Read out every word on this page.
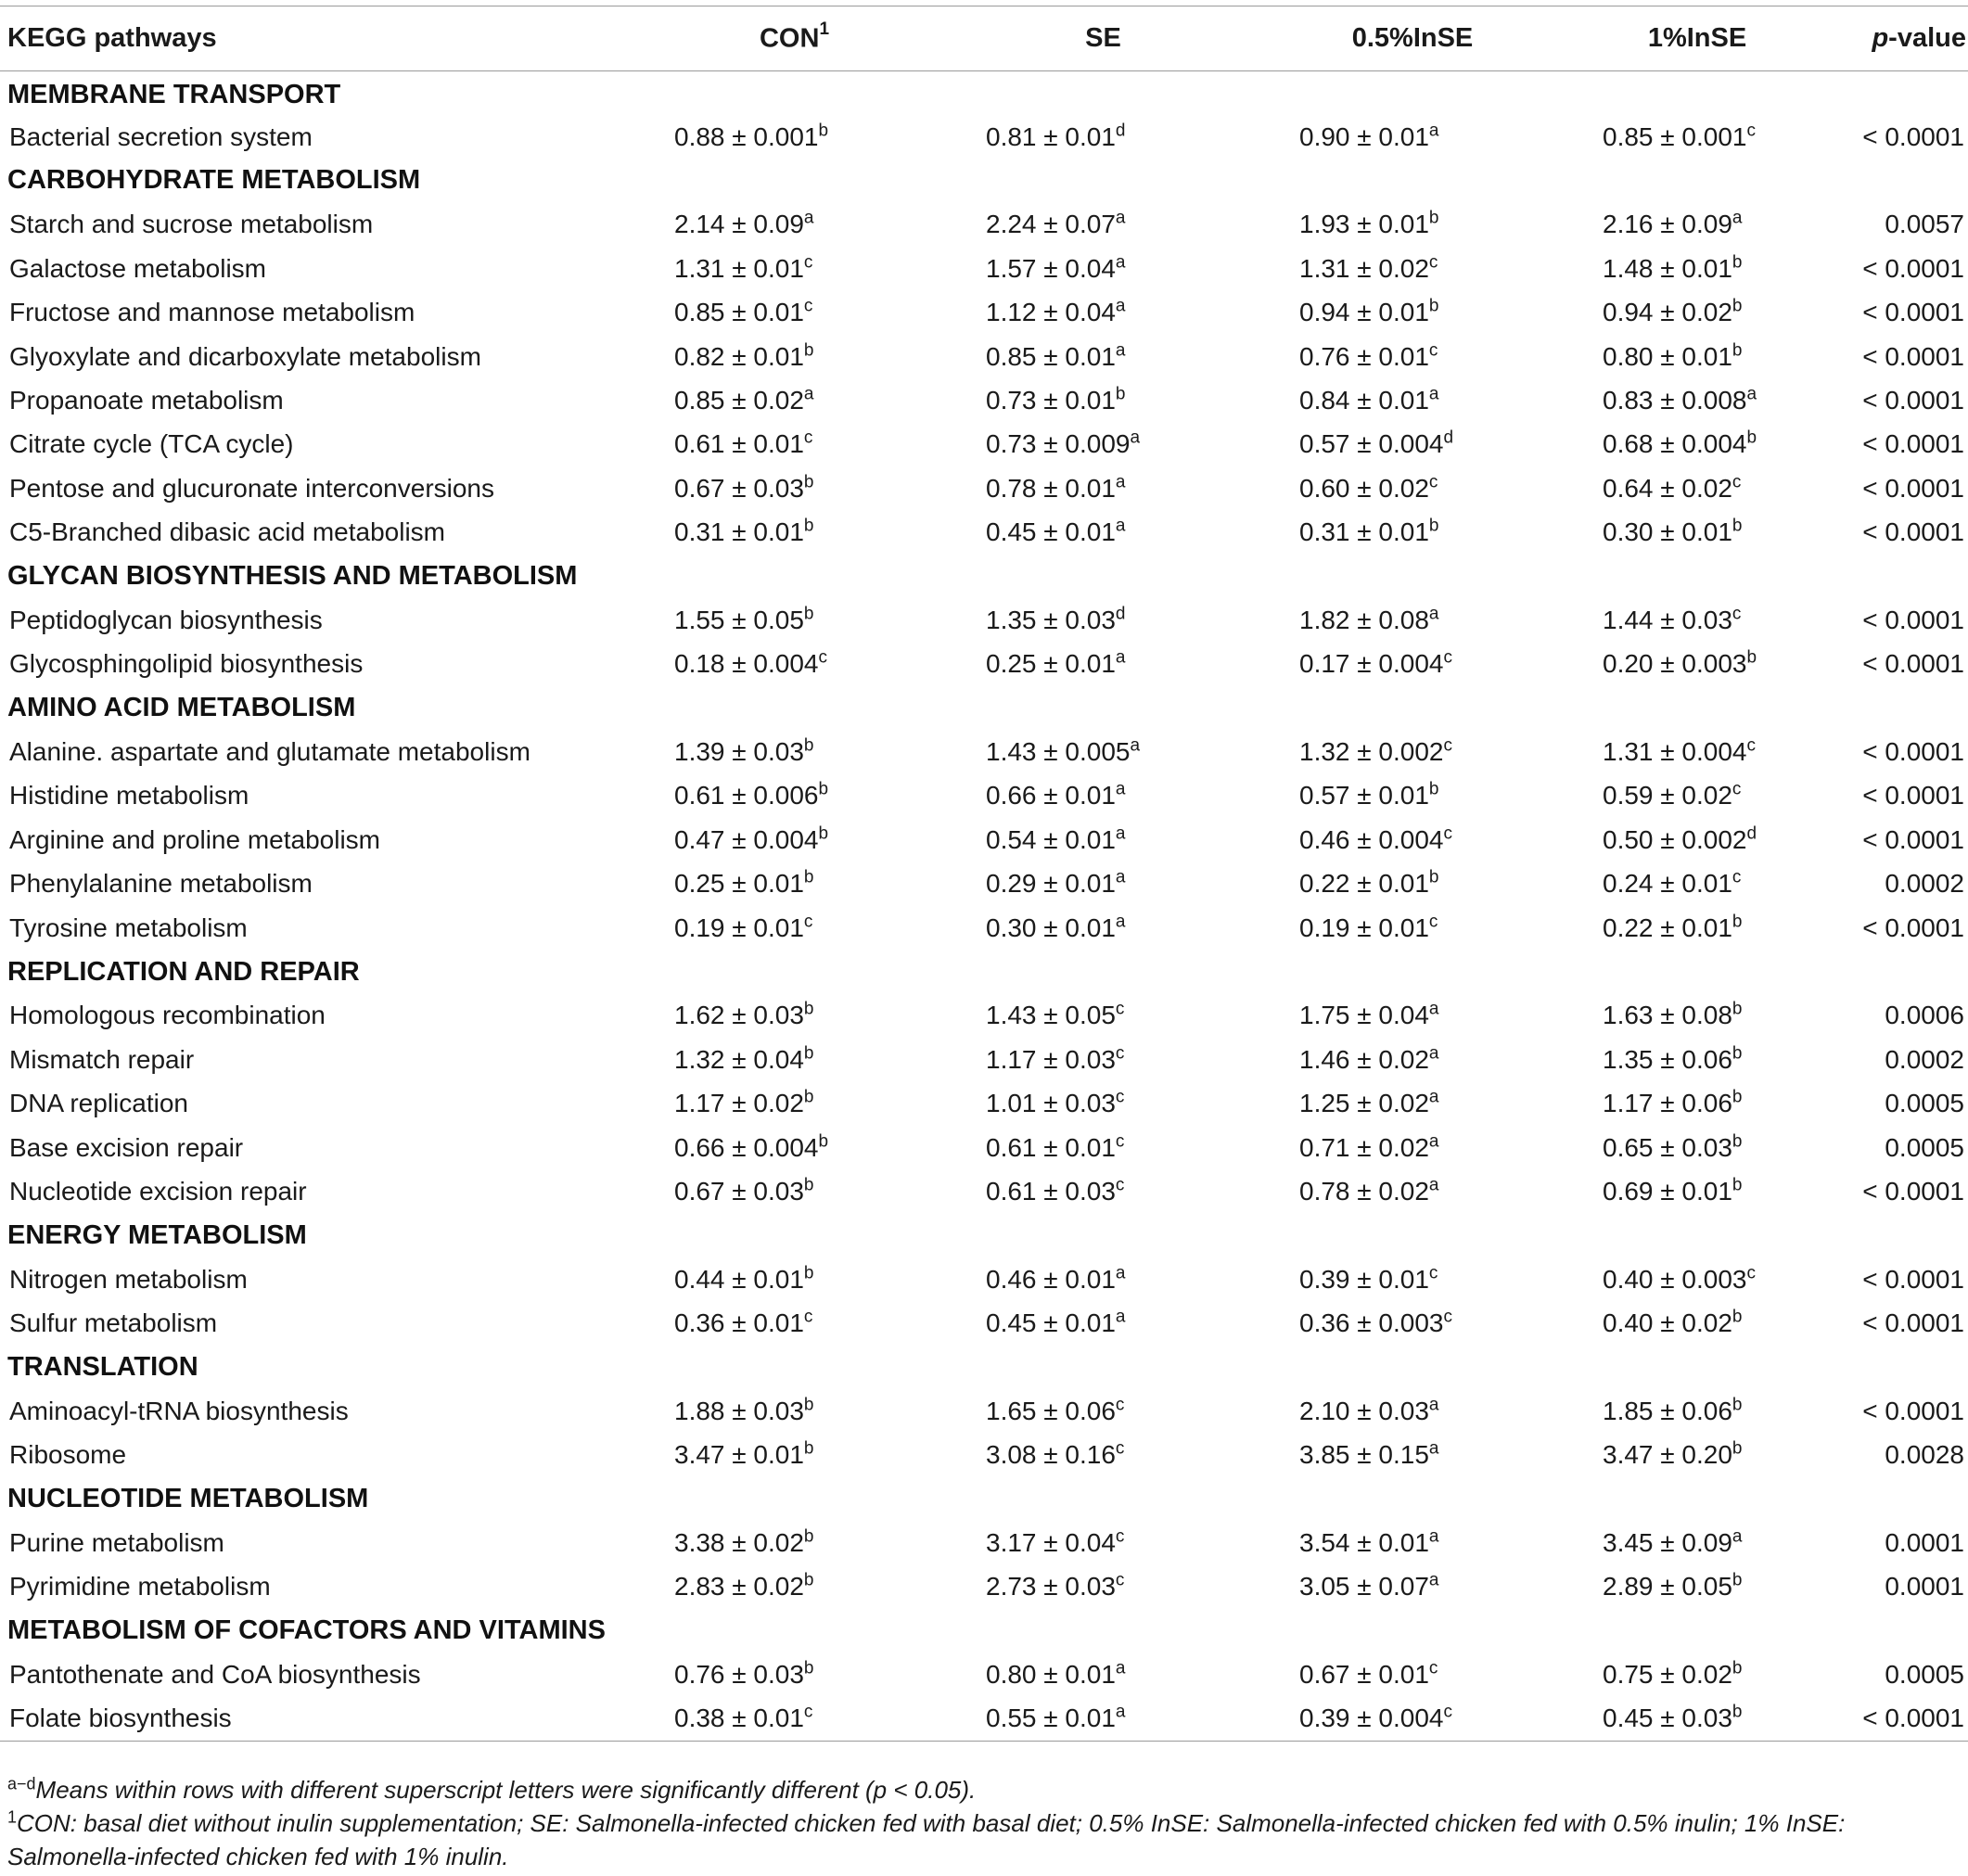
KEGG pathways	CON$^1$	SE	0.5%InSE	1%InSE	p-value
MEMBRANE TRANSPORT					
Bacterial secretion system	0.88 ± 0.001$^b$	0.81 ± 0.01$^d$	0.90 ± 0.01$^a$	0.85 ± 0.001$^c$	< 0.0001
CARBOHYDRATE METABOLISM					
Starch and sucrose metabolism	2.14 ± 0.09$^a$	2.24 ± 0.07$^a$	1.93 ± 0.01$^b$	2.16 ± 0.09$^a$	0.0057
Galactose metabolism	1.31 ± 0.01$^c$	1.57 ± 0.04$^a$	1.31 ± 0.02$^c$	1.48 ± 0.01$^b$	< 0.0001
Fructose and mannose metabolism	0.85 ± 0.01$^c$	1.12 ± 0.04$^a$	0.94 ± 0.01$^b$	0.94 ± 0.02$^b$	< 0.0001
Glyoxylate and dicarboxylate metabolism	0.82 ± 0.01$^b$	0.85 ± 0.01$^a$	0.76 ± 0.01$^c$	0.80 ± 0.01$^b$	< 0.0001
Propanoate metabolism	0.85 ± 0.02$^a$	0.73 ± 0.01$^b$	0.84 ± 0.01$^a$	0.83 ± 0.008$^a$	< 0.0001
Citrate cycle (TCA cycle)	0.61 ± 0.01$^c$	0.73 ± 0.009$^a$	0.57 ± 0.004$^d$	0.68 ± 0.004$^b$	< 0.0001
Pentose and glucuronate interconversions	0.67 ± 0.03$^b$	0.78 ± 0.01$^a$	0.60 ± 0.02$^c$	0.64 ± 0.02$^c$	< 0.0001
C5-Branched dibasic acid metabolism	0.31 ± 0.01$^b$	0.45 ± 0.01$^a$	0.31 ± 0.01$^b$	0.30 ± 0.01$^b$	< 0.0001
GLYCAN BIOSYNTHESIS AND METABOLISM					
Peptidoglycan biosynthesis	1.55 ± 0.05$^b$	1.35 ± 0.03$^d$	1.82 ± 0.08$^a$	1.44 ± 0.03$^c$	< 0.0001
Glycosphingolipid biosynthesis	0.18 ± 0.004$^c$	0.25 ± 0.01$^a$	0.17 ± 0.004$^c$	0.20 ± 0.003$^b$	< 0.0001
AMINO ACID METABOLISM					
Alanine. aspartate and glutamate metabolism	1.39 ± 0.03$^b$	1.43 ± 0.005$^a$	1.32 ± 0.002$^c$	1.31 ± 0.004$^c$	< 0.0001
Histidine metabolism	0.61 ± 0.006$^b$	0.66 ± 0.01$^a$	0.57 ± 0.01$^b$	0.59 ± 0.02$^c$	< 0.0001
Arginine and proline metabolism	0.47 ± 0.004$^b$	0.54 ± 0.01$^a$	0.46 ± 0.004$^c$	0.50 ± 0.002$^d$	< 0.0001
Phenylalanine metabolism	0.25 ± 0.01$^b$	0.29 ± 0.01$^a$	0.22 ± 0.01$^b$	0.24 ± 0.01$^c$	0.0002
Tyrosine metabolism	0.19 ± 0.01$^c$	0.30 ± 0.01$^a$	0.19 ± 0.01$^c$	0.22 ± 0.01$^b$	< 0.0001
REPLICATION AND REPAIR					
Homologous recombination	1.62 ± 0.03$^b$	1.43 ± 0.05$^c$	1.75 ± 0.04$^a$	1.63 ± 0.08$^b$	0.0006
Mismatch repair	1.32 ± 0.04$^b$	1.17 ± 0.03$^c$	1.46 ± 0.02$^a$	1.35 ± 0.06$^b$	0.0002
DNA replication	1.17 ± 0.02$^b$	1.01 ± 0.03$^c$	1.25 ± 0.02$^a$	1.17 ± 0.06$^b$	0.0005
Base excision repair	0.66 ± 0.004$^b$	0.61 ± 0.01$^c$	0.71 ± 0.02$^a$	0.65 ± 0.03$^b$	0.0005
Nucleotide excision repair	0.67 ± 0.03$^b$	0.61 ± 0.03$^c$	0.78 ± 0.02$^a$	0.69 ± 0.01$^b$	< 0.0001
ENERGY METABOLISM					
Nitrogen metabolism	0.44 ± 0.01$^b$	0.46 ± 0.01$^a$	0.39 ± 0.01$^c$	0.40 ± 0.003$^c$	< 0.0001
Sulfur metabolism	0.36 ± 0.01$^c$	0.45 ± 0.01$^a$	0.36 ± 0.003$^c$	0.40 ± 0.02$^b$	< 0.0001
TRANSLATION					
Aminoacyl-tRNA biosynthesis	1.88 ± 0.03$^b$	1.65 ± 0.06$^c$	2.10 ± 0.03$^a$	1.85 ± 0.06$^b$	< 0.0001
Ribosome	3.47 ± 0.01$^b$	3.08 ± 0.16$^c$	3.85 ± 0.15$^a$	3.47 ± 0.20$^b$	0.0028
NUCLEOTIDE METABOLISM					
Purine metabolism	3.38 ± 0.02$^b$	3.17 ± 0.04$^c$	3.54 ± 0.01$^a$	3.45 ± 0.09$^a$	0.0001
Pyrimidine metabolism	2.83 ± 0.02$^b$	2.73 ± 0.03$^c$	3.05 ± 0.07$^a$	2.89 ± 0.05$^b$	0.0001
METABOLISM OF COFACTORS AND VITAMINS					
Pantothenate and CoA biosynthesis	0.76 ± 0.03$^b$	0.80 ± 0.01$^a$	0.67 ± 0.01$^c$	0.75 ± 0.02$^b$	0.0005
Folate biosynthesis	0.38 ± 0.01$^c$	0.55 ± 0.01$^a$	0.39 ± 0.004$^c$	0.45 ± 0.03$^b$	< 0.0001

$^{a-d}$Means within rows with different superscript letters were significantly different (p < 0.05).

$^1$CON: basal diet without inulin supplementation; SE: Salmonella-infected chicken fed with basal diet; 0.5% InSE: Salmonella-infected chicken fed with 0.5% inulin; 1% InSE: Salmonella-infected chicken fed with 1% inulin.
